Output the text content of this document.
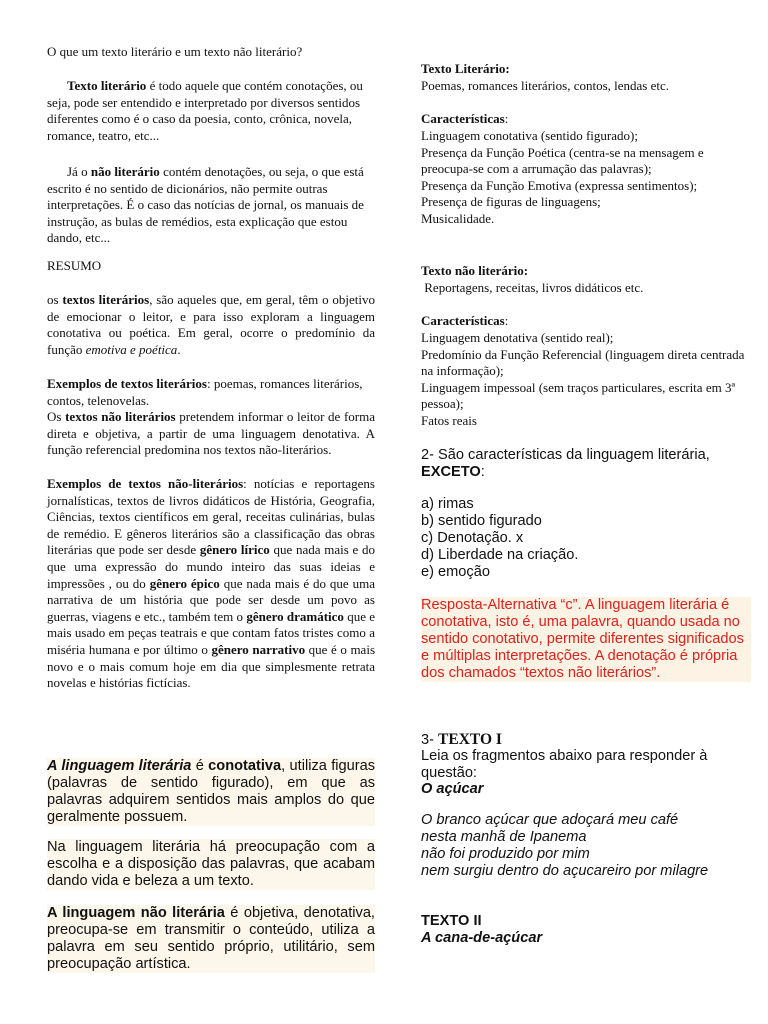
O que um texto literário e um texto não literário?

Texto literário é todo aquele que contém conotações, ou seja, pode ser entendido e interpretado por diversos sentidos diferentes como é o caso da poesia, conto, crônica, novela, romance, teatro, etc...

Já o não literário contém denotações, ou seja, o que está escrito é no sentido de dicionários, não permite outras interpretações. É o caso das notícias de jornal, os manuais de instrução, as bulas de remédios, esta explicação que estou dando, etc...

RESUMO

os textos literários, são aqueles que, em geral, têm o objetivo de emocionar o leitor, e para isso exploram a linguagem conotativa ou poética. Em geral, ocorre o predomínio da função emotiva e poética.

Exemplos de textos literários: poemas, romances literários, contos, telenovelas.

Os textos não literários pretendem informar o leitor de forma direta e objetiva, a partir de uma linguagem denotativa. A função referencial predomina nos textos não-literários.

Exemplos de textos não-literários: notícias e reportagens jornalísticas, textos de livros didáticos de História, Geografia, Ciências, textos científicos em geral, receitas culinárias, bulas de remédio. E gêneros literários são a classificação das obras literárias que pode ser desde gênero lírico que nada mais e do que uma expressão do mundo inteiro das suas ideias e impressões , ou do gênero épico que nada mais é do que uma narrativa de um história que pode ser desde um povo as guerras, viagens e etc., também tem o gênero dramático que e mais usado em peças teatrais e que contam fatos tristes como a miséria humana e por último o gênero narrativo que é o mais novo e o mais comum hoje em dia que simplesmente retrata novelas e histórias fictícias.

A linguagem literária é conotativa, utiliza figuras (palavras de sentido figurado), em que as palavras adquirem sentidos mais amplos do que geralmente possuem.

Na linguagem literária há preocupação com a escolha e a disposição das palavras, que acabam dando vida e beleza a um texto.

A linguagem não literária é objetiva, denotativa, preocupa-se em transmitir o conteúdo, utiliza a palavra em seu sentido próprio, utilitário, sem preocupação artística.

Texto Literário:

Poemas, romances literários, contos, lendas etc.

Características:

Linguagem conotativa (sentido figurado);

Presença da Função Poética (centra-se na mensagem e preocupa-se com a arrumação das palavras);

Presença da Função Emotiva (expressa sentimentos);

Presença de figuras de linguagens;

Musicalidade.

Texto não literário:

Reportagens, receitas, livros didáticos etc.

Características:

Linguagem denotativa (sentido real);

Predomínio da Função Referencial (linguagem direta centrada na informação);

Linguagem impessoal (sem traços particulares, escrita em 3ª pessoa);

Fatos reais

2- São características da linguagem literária, EXCETO:

a) rimas

b) sentido figurado

c) Denotação. x

d) Liberdade na criação.

e) emoção

Resposta-Alternativa “c”. A linguagem literária é conotativa, isto é, uma palavra, quando usada no sentido conotativo, permite diferentes significados e múltiplas interpretações. A denotação é própria dos chamados “textos não literários”.

3- TEXTO I

Leia os fragmentos abaixo para responder à questão:

O açúcar

O branco açúcar que adoçará meu café

nesta manhã de Ipanema

não foi produzido por mim

nem surgiu dentro do açucareiro por milagre

TEXTO II

A cana-de-açúcar
